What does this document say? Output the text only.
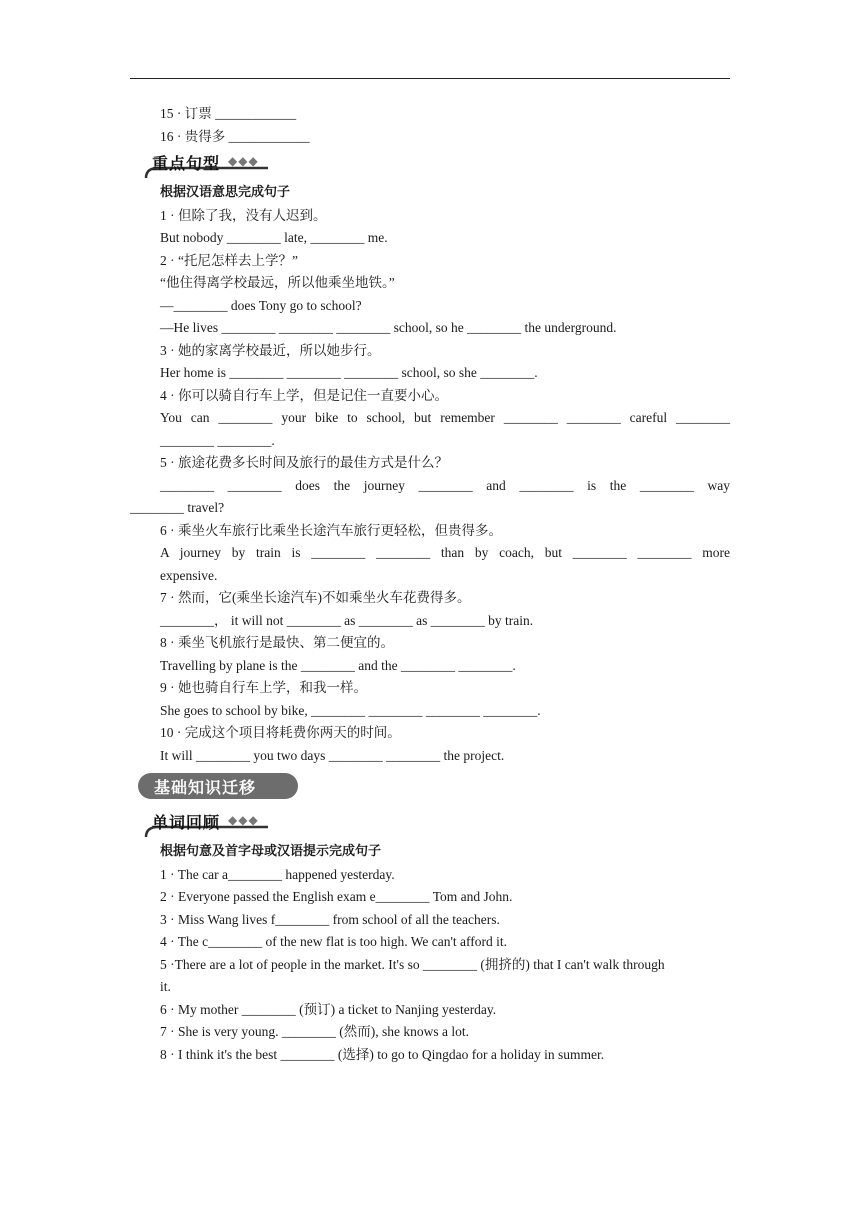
15 · 订票 ____________
16 · 贵得多 ____________
重点句型 ◆◆◆
根据汉语意思完成句子
1 · 但除了我，没有人迟到。
But nobody ________ late, ________ me.
2 · “托尼怎样去上学？”
“他住得离学校最远，所以他乘坐地铁。”
—________ does Tony go to school?
—He lives ________ ________ ________ school, so he ________ the underground.
3 · 她的家离学校最近，所以她步行。
Her home is ________ ________ ________ school, so she ________.
4 · 你可以骑自行车上学，但是记住一直要小心。
You can ________ your bike to school, but remember ________ ________ careful ________
________ ________.
5 · 旅途花费多长时间及旅行的最佳方式是什么？
________ ________ does the journey ________ and ________ is the ________ way
________ travel?
6 · 乘坐火车旅行比乘坐长途汽车旅行更轻松，但贵得多。
A journey by train is ________ ________ than by coach, but ________ ________ more
expensive.
7 · 然而，它(乘坐长途汽车)不如乘坐火车花费得多。
________， it will not ________ as ________ as ________ by train.
8 · 乘坐飞机旅行是最快、第二便宜的。
Travelling by plane is the ________ and the ________ ________.
9 · 她也骑自行车上学，和我一样。
She goes to school by bike, ________ ________ ________ ________.
10 · 完成这个项目将耗费你两天的时间。
It will ________ you two days ________ ________ the project.
基础知识迁移
单词回顾 ◆◆◆
根据句意及首字母或汉语提示完成句子
1 · The car a________ happened yesterday.
2 · Everyone passed the English exam e________ Tom and John.
3 · Miss Wang lives f________ from school of all the teachers.
4 · The c________ of the new flat is too high. We can't afford it.
5 ·There are a lot of people in the market. It's so ________ (拥挤的) that I can't walk through
it.
6 · My mother ________ (预订) a ticket to Nanjing yesterday.
7 · She is very young. ________ (然而), she knows a lot.
8 · I think it's the best ________ (选择) to go to Qingdao for a holiday in summer.
